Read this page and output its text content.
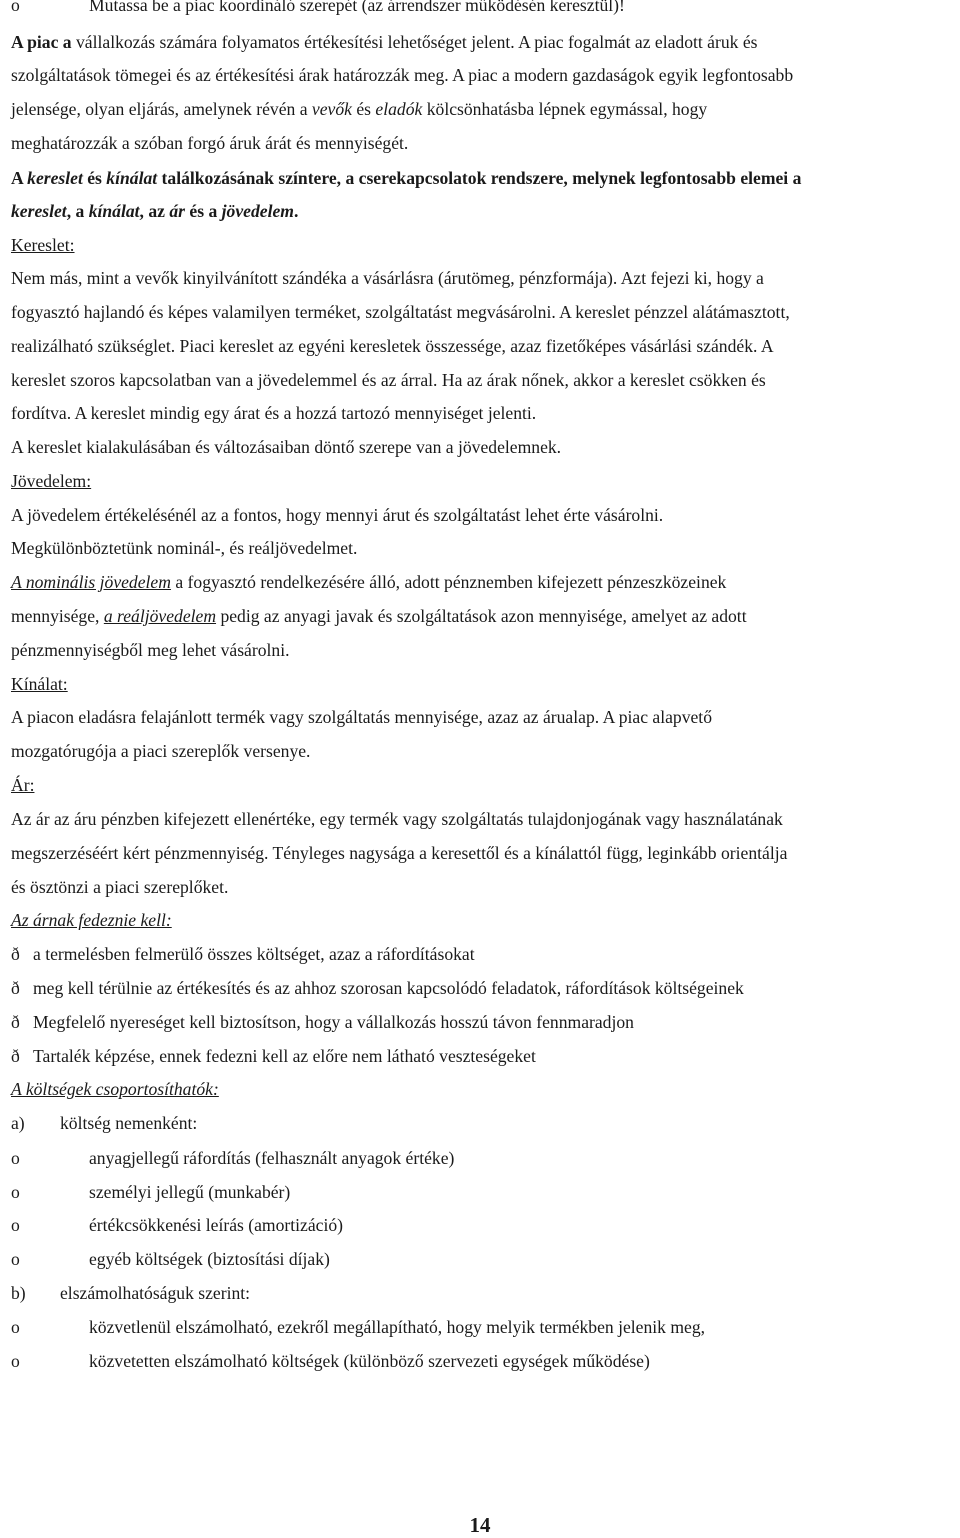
o	Mutassa be a piac koordináló szerepét (az árrendszer működésén keresztül)!
A piac a vállalkozás számára folyamatos értékesítési lehetőséget jelent. A piac fogalmát az eladott áruk és
szolgáltatások tömegei és az értékesítési árak határozzák meg. A piac a modern gazdaságok egyik legfontosabb
jelensége, olyan eljárás, amelynek révén a vevők és eladók kölcsönhatásba lépnek egymással, hogy
meghatározzák a szóban forgó áruk árát és mennyiségét.
A kereslet és kínálat találkozásának színtere, a cserekapcsolatok rendszere, melynek legfontosabb elemei a
kereslet, a kínálat, az ár és a jövedelem.
Kereslet:
Nem más, mint a vevők kinyilvánított szándéka a vásárlásra (árutömeg, pénzformája). Azt fejezi ki, hogy a
fogyasztó hajlandó és képes valamilyen terméket, szolgáltatást megvásárolni. A kereslet pénzzel alátámasztott,
realizálható szükséglet. Piaci kereslet az egyéni keresletek összessége, azaz fizetőképes vásárlási szándék. A
kereslet szoros kapcsolatban van a jövedelemmel és az árral. Ha az árak nőnek, akkor a kereslet csökken és
fordítva. A kereslet mindig egy árat és a hozzá tartozó mennyiséget jelenti.
A kereslet kialakulásában és változásaiban döntő szerepe van a jövedelemnek.
Jövedelem:
A jövedelem értékelésénél az a fontos, hogy mennyi árut és szolgáltatást lehet érte vásárolni.
Megkülönböztetünk nominál-, és reáljövedelmet.
A nominális jövedelem a fogyasztó rendelkezésére álló, adott pénznemben kifejezett pénzeszközeinek
mennyisége, a reáljövedelem pedig az anyagi javak és szolgáltatások azon mennyisége, amelyet az adott
pénzmennyiségből meg lehet vásárolni.
Kínálat:
A piacon eladásra felajánlott termék vagy szolgáltatás mennyisége, azaz az árualap. A piac alapvető
mozgatórugója a piaci szereplők versenye.
Ár:
Az ár az áru pénzben kifejezett ellenértéke, egy termék vagy szolgáltatás tulajdonjogának vagy használatának
megszerzéséért kért pénzmennyiség. Tényleges nagysága a keresettől és a kínálattól függ, leginkább orientálja
és ösztönzi a piaci szereplőket.
Az árnak fedeznie kell:
ð a termelésben felmerülő összes költséget, azaz a ráfordításokat
ð meg kell térülnie az értékesítés és az ahhoz szorosan kapcsolódó feladatok, ráfordítások költségeinek
ð Megfelelő nyereséget kell biztosítson, hogy a vállalkozás hosszú távon fennmaradjon
ð Tartalék képzése, ennek fedezni kell az előre nem látható veszteségeket
A költségek csoportosíthatók:
a) költség nemenként:
o	anyagjellegű ráfordítás (felhasznált anyagok értéke)
o	személyi jellegű (munkabér)
o	értékcsökkenési leírás (amortizáció)
o	egyéb költségek (biztosítási díjak)
b) elszámolhatóságuk szerint:
o	közvetlenül elszámolható, ezekről megállapítható, hogy melyik termékben jelenik meg,
o	közvetetten elszámolható költségek (különböző szervezeti egységek működése)
14
